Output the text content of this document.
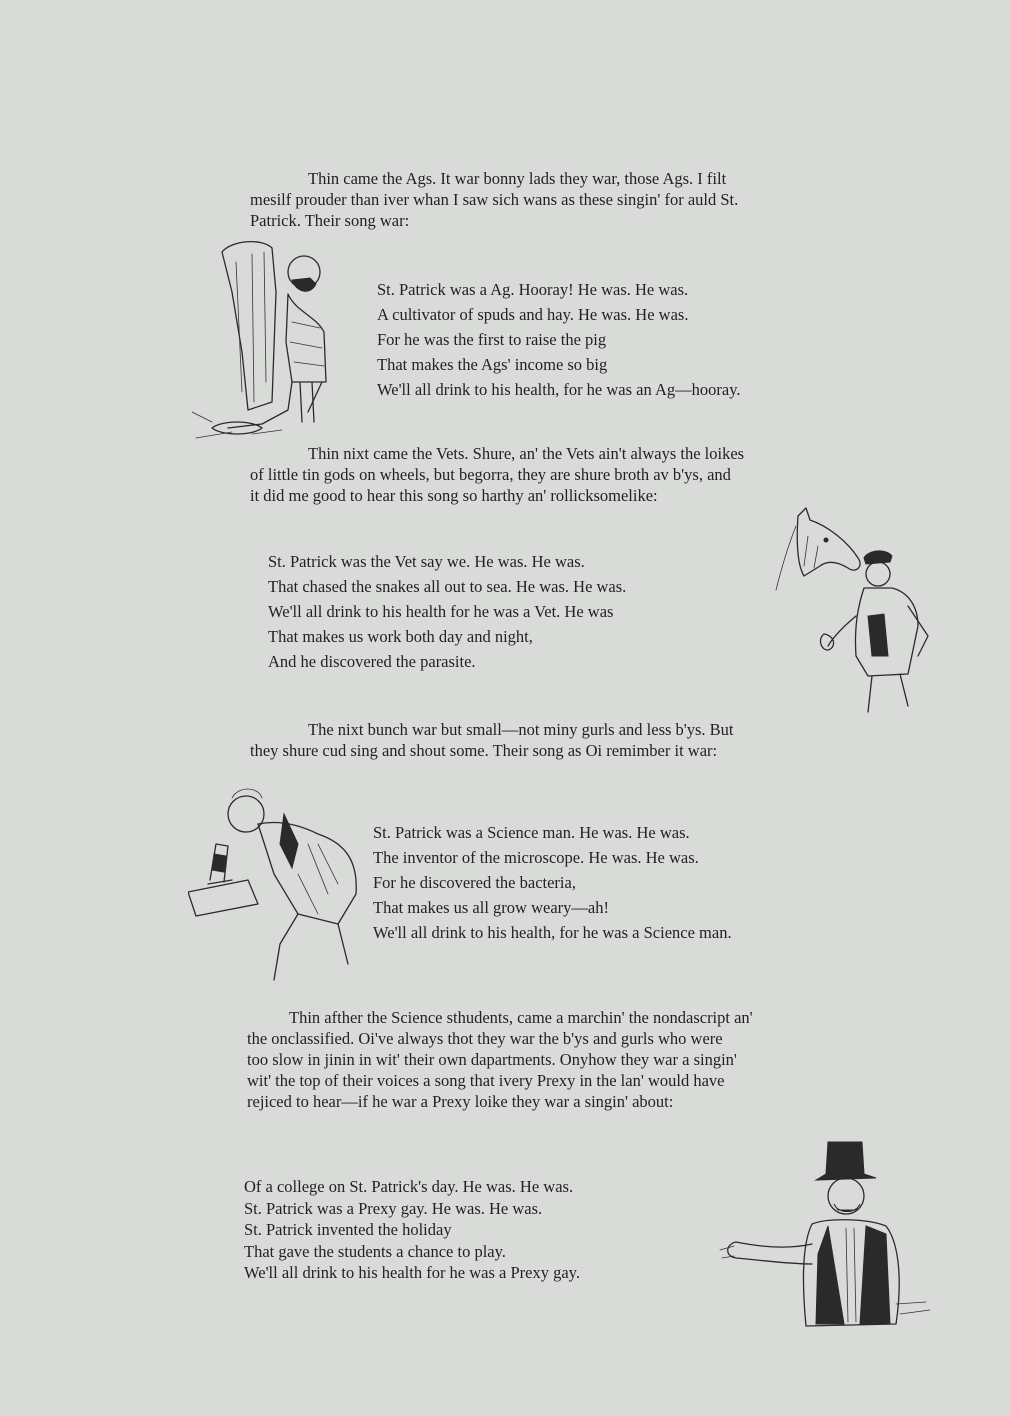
Thin came the Ags. It war bonny lads they war, those Ags. I filt
mesilf prouder than iver whan I saw sich wans as these singin' for auld St.
Patrick. Their song war:

St. Patrick was a Ag. Hooray! He was. He was.
A cultivator of spuds and hay. He was. He was.
For he was the first to raise the pig
That makes the Ags' income so big
We'll all drink to his health, for he was an Ag—hooray.

Thin nixt came the Vets. Shure, an' the Vets ain't always the loikes
of little tin gods on wheels, but begorra, they are shure broth av b'ys, and
it did me good to hear this song so harthy an' rollicksomelike:

St. Patrick was the Vet say we. He was. He was.
That chased the snakes all out to sea. He was. He was.
We'll all drink to his health for he was a Vet. He was
That makes us work both day and night,
And he discovered the parasite.

The nixt bunch war but small—not miny gurls and less b'ys. But
they shure cud sing and shout some. Their song as Oi remimber it war:

St. Patrick was a Science man. He was. He was.
The inventor of the microscope. He was. He was.
For he discovered the bacteria,
That makes us all grow weary—ah!
We'll all drink to his health, for he was a Science man.

Thin afther the Science sthudents, came a marchin' the nondascript an'
the onclassified. Oi've always thot they war the b'ys and gurls who were
too slow in jinin in wit' their own dapartments. Onyhow they war a singin'
wit' the top of their voices a song that ivery Prexy in the lan' would have
rejiced to hear—if he war a Prexy loike they war a singin' about:

Of a college on St. Patrick's day. He was. He was.
St. Patrick was a Prexy gay. He was. He was.
St. Patrick invented the holiday
That gave the students a chance to play.
We'll all drink to his health for he was a Prexy gay.
